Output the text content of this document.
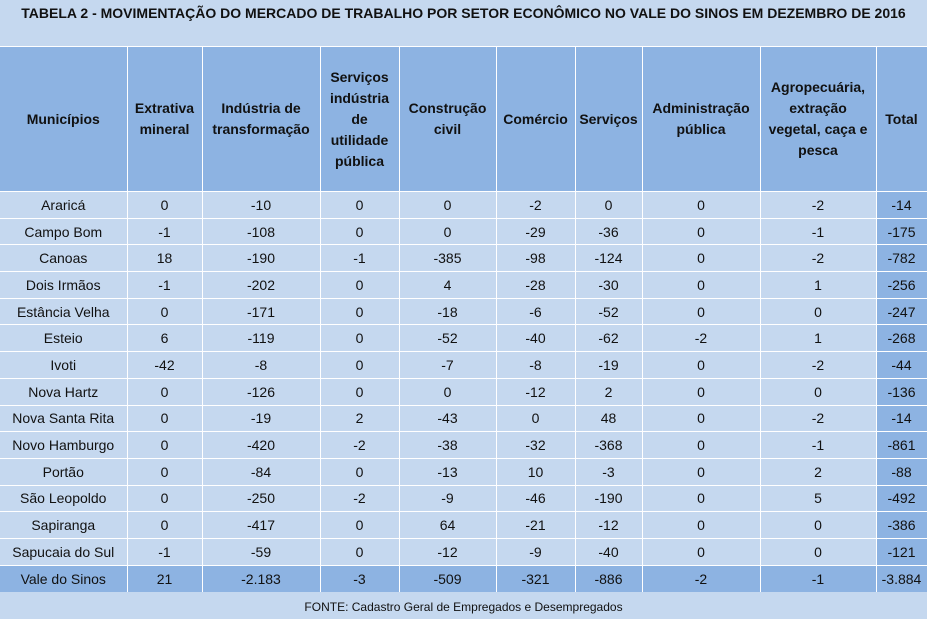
TABELA 2 - MOVIMENTAÇÃO DO MERCADO DE TRABALHO POR SETOR ECONÔMICO NO VALE DO SINOS EM DEZEMBRO DE 2016
Municípios	Extrativa mineral	Indústria de transformação	Serviços indústria de utilidade pública	Construção civil	Comércio	Serviços	Administração pública	Agropecuária, extração vegetal, caça e pesca	Total
Araricá	0	-10	0	0	-2	0	0	-2	-14
Campo Bom	-1	-108	0	0	-29	-36	0	-1	-175
Canoas	18	-190	-1	-385	-98	-124	0	-2	-782
Dois Irmãos	-1	-202	0	4	-28	-30	0	1	-256
Estância Velha	0	-171	0	-18	-6	-52	0	0	-247
Esteio	6	-119	0	-52	-40	-62	-2	1	-268
Ivoti	-42	-8	0	-7	-8	-19	0	-2	-44
Nova Hartz	0	-126	0	0	-12	2	0	0	-136
Nova Santa Rita	0	-19	2	-43	0	48	0	-2	-14
Novo Hamburgo	0	-420	-2	-38	-32	-368	0	-1	-861
Portão	0	-84	0	-13	10	-3	0	2	-88
São Leopoldo	0	-250	-2	-9	-46	-190	0	5	-492
Sapiranga	0	-417	0	64	-21	-12	0	0	-386
Sapucaia do Sul	-1	-59	0	-12	-9	-40	0	0	-121
Vale do Sinos	21	-2.183	-3	-509	-321	-886	-2	-1	-3.884
FONTE: Cadastro Geral de Empregados e Desempregados
